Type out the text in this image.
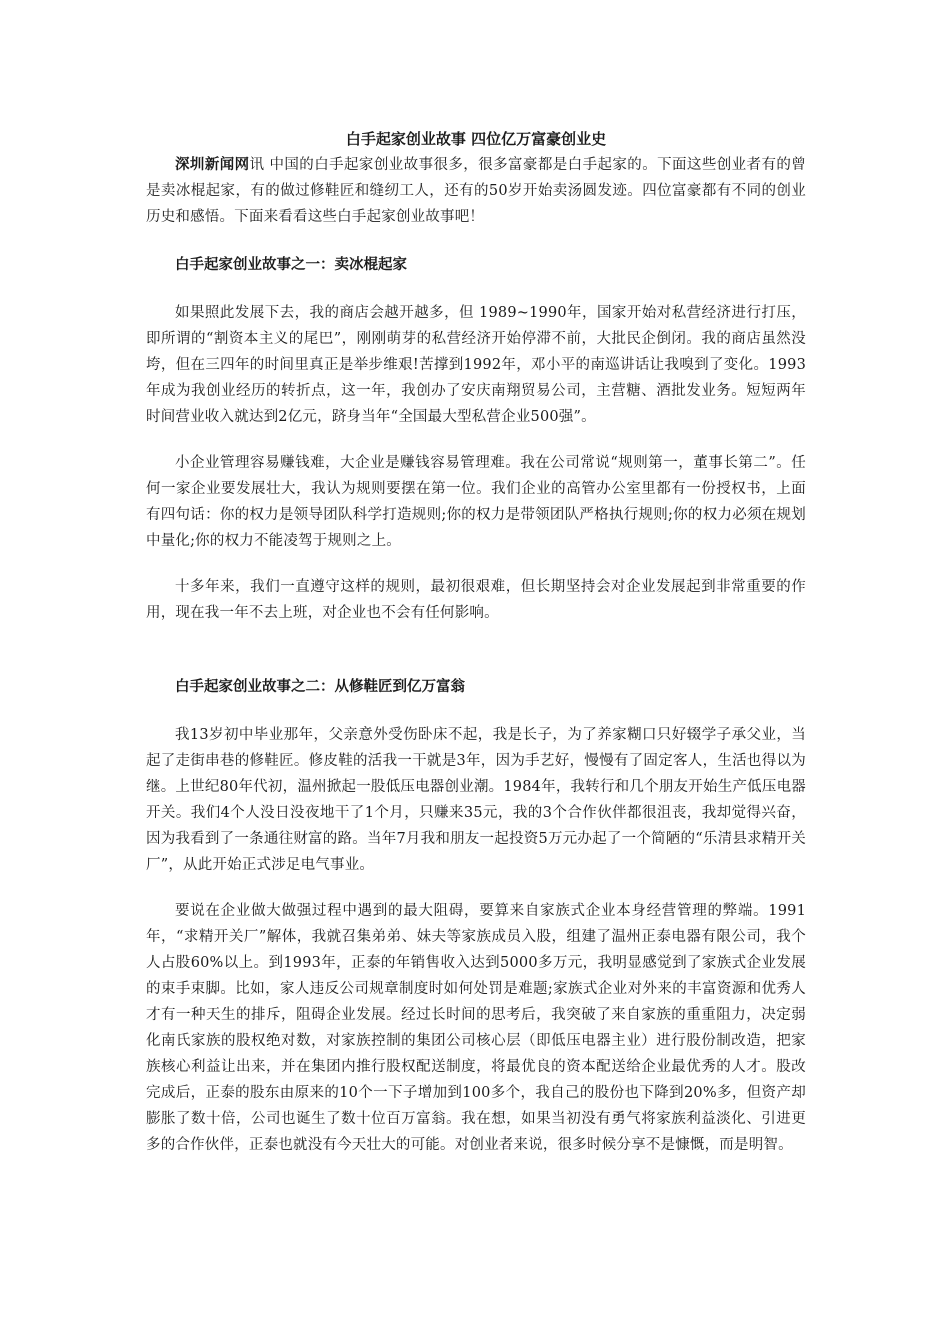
白手起家创业故事 四位亿万富豪创业史

深圳新闻网讯 中国的白手起家创业故事很多，很多富豪都是白手起家的。下面这些创业者有的曾是卖冰棍起家，有的做过修鞋匠和缝纫工人，还有的50岁开始卖汤圆发迹。四位富豪都有不同的创业历史和感悟。下面来看看这些白手起家创业故事吧！

白手起家创业故事之一：卖冰棍起家

如果照此发展下去，我的商店会越开越多，但 1989~1990年，国家开始对私营经济进行打压，即所谓的“割资本主义的尾巴”，刚刚萌芽的私营经济开始停滞不前，大批民企倒闭。我的商店虽然没垮，但在三四年的时间里真正是举步维艰!苦撑到1992年，邓小平的南巡讲话让我嗅到了变化。1993年成为我创业经历的转折点，这一年，我创办了安庆南翔贸易公司，主营糖、酒批发业务。短短两年时间营业收入就达到2亿元，跻身当年“全国最大型私营企业500强”。

小企业管理容易赚钱难，大企业是赚钱容易管理难。我在公司常说“规则第一，董事长第二”。任何一家企业要发展壮大，我认为规则要摆在第一位。我们企业的高管办公室里都有一份授权书，上面有四句话：你的权力是领导团队科学打造规则;你的权力是带领团队严格执行规则;你的权力必须在规划中量化;你的权力不能凌驾于规则之上。

十多年来，我们一直遵守这样的规则，最初很艰难，但长期坚持会对企业发展起到非常重要的作用，现在我一年不去上班，对企业也不会有任何影响。

白手起家创业故事之二：从修鞋匠到亿万富翁

我13岁初中毕业那年，父亲意外受伤卧床不起，我是长子，为了养家糊口只好辍学子承父业，当起了走街串巷的修鞋匠。修皮鞋的活我一干就是3年，因为手艺好，慢慢有了固定客人，生活也得以为继。上世纪80年代初，温州掀起一股低压电器创业潮。1984年，我转行和几个朋友开始生产低压电器开关。我们4个人没日没夜地干了1个月，只赚来35元，我的3个合作伙伴都很沮丧，我却觉得兴奋，因为我看到了一条通往财富的路。当年7月我和朋友一起投资5万元办起了一个简陋的“乐清县求精开关厂”，从此开始正式涉足电气事业。

要说在企业做大做强过程中遇到的最大阻碍，要算来自家族式企业本身经营管理的弊端。1991年，“求精开关厂”解体，我就召集弟弟、妹夫等家族成员入股，组建了温州正泰电器有限公司，我个人占股60%以上。到1993年，正泰的年销售收入达到5000多万元，我明显感觉到了家族式企业发展的束手束脚。比如，家人违反公司规章制度时如何处罚是难题;家族式企业对外来的丰富资源和优秀人才有一种天生的排斥，阻碍企业发展。经过长时间的思考后，我突破了来自家族的重重阻力，决定弱化南氏家族的股权绝对数，对家族控制的集团公司核心层（即低压电器主业）进行股份制改造，把家族核心利益让出来，并在集团内推行股权配送制度，将最优良的资本配送给企业最优秀的人才。股改完成后，正泰的股东由原来的10个一下子增加到100多个，我自己的股份也下降到20%多，但资产却膨胀了数十倍，公司也诞生了数十位百万富翁。我在想，如果当初没有勇气将家族利益淡化、引进更多的合作伙伴，正泰也就没有今天壮大的可能。对创业者来说，很多时候分享不是慷慨，而是明智。
